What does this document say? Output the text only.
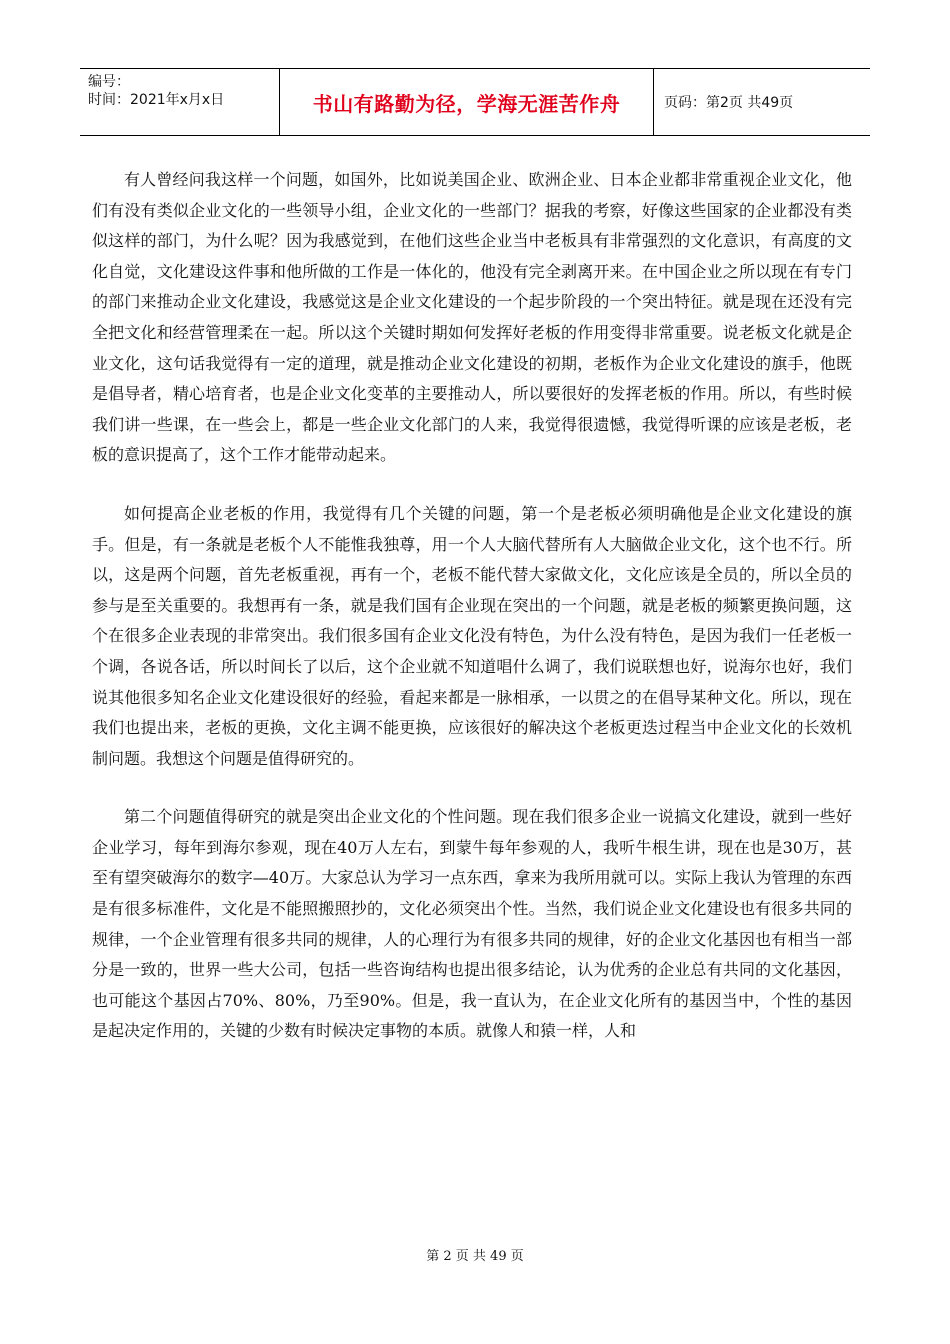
编号：
时间：2021年x月x日	书山有路勤为径，学海无涯苦作舟	页码：第2页 共49页

有人曾经问我这样一个问题，如国外，比如说美国企业、欧洲企业、日本企业都非常重视企业文化，他们有没有类似企业文化的一些领导小组，企业文化的一些部门？据我的考察，好像这些国家的企业都没有类似这样的部门，为什么呢？因为我感觉到，在他们这些企业当中老板具有非常强烈的文化意识，有高度的文化自觉，文化建设这件事和他所做的工作是一体化的，他没有完全剥离开来。在中国企业之所以现在有专门的部门来推动企业文化建设，我感觉这是企业文化建设的一个起步阶段的一个突出特征。就是现在还没有完全把文化和经营管理柔在一起。所以这个关键时期如何发挥好老板的作用变得非常重要。说老板文化就是企业文化，这句话我觉得有一定的道理，就是推动企业文化建设的初期，老板作为企业文化建设的旗手，他既是倡导者，精心培育者，也是企业文化变革的主要推动人，所以要很好的发挥老板的作用。所以，有些时候我们讲一些课，在一些会上，都是一些企业文化部门的人来，我觉得很遗憾，我觉得听课的应该是老板，老板的意识提高了，这个工作才能带动起来。

如何提高企业老板的作用，我觉得有几个关键的问题，第一个是老板必须明确他是企业文化建设的旗手。但是，有一条就是老板个人不能惟我独尊，用一个人大脑代替所有人大脑做企业文化，这个也不行。所以，这是两个问题，首先老板重视，再有一个，老板不能代替大家做文化，文化应该是全员的，所以全员的参与是至关重要的。我想再有一条，就是我们国有企业现在突出的一个问题，就是老板的频繁更换问题，这个在很多企业表现的非常突出。我们很多国有企业文化没有特色，为什么没有特色，是因为我们一任老板一个调，各说各话，所以时间长了以后，这个企业就不知道唱什么调了，我们说联想也好，说海尔也好，我们说其他很多知名企业文化建设很好的经验，看起来都是一脉相承，一以贯之的在倡导某种文化。所以，现在我们也提出来，老板的更换，文化主调不能更换，应该很好的解决这个老板更迭过程当中企业文化的长效机制问题。我想这个问题是值得研究的。

第二个问题值得研究的就是突出企业文化的个性问题。现在我们很多企业一说搞文化建设，就到一些好企业学习，每年到海尔参观，现在40万人左右，到蒙牛每年参观的人，我听牛根生讲，现在也是30万，甚至有望突破海尔的数字—40万。大家总认为学习一点东西，拿来为我所用就可以。实际上我认为管理的东西是有很多标准件，文化是不能照搬照抄的，文化必须突出个性。当然，我们说企业文化建设也有很多共同的规律，一个企业管理有很多共同的规律，人的心理行为有很多共同的规律，好的企业文化基因也有相当一部分是一致的，世界一些大公司，包括一些咨询结构也提出很多结论，认为优秀的企业总有共同的文化基因，也可能这个基因占70%、80%，乃至90%。但是，我一直认为，在企业文化所有的基因当中，个性的基因是起决定作用的，关键的少数有时候决定事物的本质。就像人和猿一样，人和

第 2 页 共 49 页
